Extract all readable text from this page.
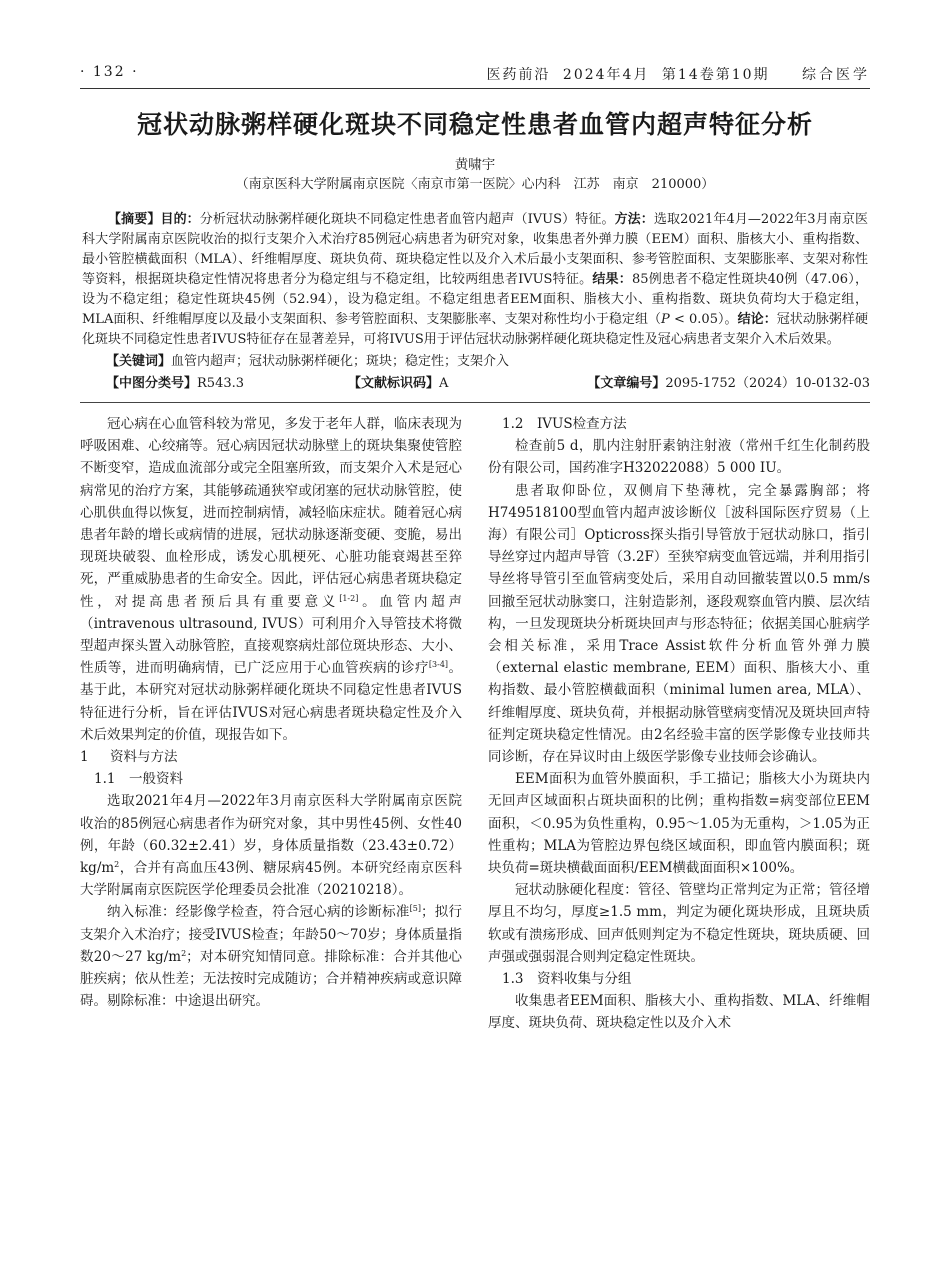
· 132 ·	医药前沿 2024年4月 第14卷第10期 综合医学
冠状动脉粥样硬化斑块不同稳定性患者血管内超声特征分析
黄啸宇
（南京医科大学附属南京医院〈南京市第一医院〉心内科　江苏　南京　210000）
【摘要】目的：分析冠状动脉粥样硬化斑块不同稳定性患者血管内超声（IVUS）特征。方法：选取2021年4月—2022年3月南京医科大学附属南京医院收治的拟行支架介入术治疗85例冠心病患者为研究对象，收集患者外弹力膜（EEM）面积、脂核大小、重构指数、最小管腔横截面积（MLA）、纤维帽厚度、斑块负荷、斑块稳定性以及介入术后最小支架面积、参考管腔面积、支架膨胀率、支架对称性等资料，根据斑块稳定性情况将患者分为稳定组与不稳定组，比较两组患者IVUS特征。结果：85例患者不稳定性斑块40例（47.06），设为不稳定组；稳定性斑块45例（52.94），设为稳定组。不稳定组患者EEM面积、脂核大小、重构指数、斑块负荷均大于稳定组，MLA面积、纤维帽厚度以及最小支架面积、参考管腔面积、支架膨胀率、支架对称性均小于稳定组（P < 0.05）。结论：冠状动脉粥样硬化斑块不同稳定性患者IVUS特征存在显著差异，可将IVUS用于评估冠状动脉粥样硬化斑块稳定性及冠心病患者支架介入术后效果。
【关键词】血管内超声；冠状动脉粥样硬化；斑块；稳定性；支架介入
【中图分类号】R543.3	【文献标识码】A	【文章编号】2095-1752（2024）10-0132-03

冠心病在心血管科较为常见，多发于老年人群，临床表现为呼吸困难、心绞痛等。冠心病因冠状动脉壁上的斑块集聚使管腔不断变窄，造成血流部分或完全阻塞所致，而支架介入术是冠心病常见的治疗方案，其能够疏通狭窄或闭塞的冠状动脉管腔，使心肌供血得以恢复，进而控制病情，减轻临床症状。随着冠心病患者年龄的增长或病情的进展，冠状动脉逐渐变硬、变脆，易出现斑块破裂、血栓形成，诱发心肌梗死、心脏功能衰竭甚至猝死，严重威胁患者的生命安全。因此，评估冠心病患者斑块稳定性，对提高患者预后具有重要意义[1-2]。血管内超声（intravenous ultrasound, IVUS）可利用介入导管技术将微型超声探头置入动脉管腔，直接观察病灶部位斑块形态、大小、性质等，进而明确病情，已广泛应用于心血管疾病的诊疗[3-4]。基于此，本研究对冠状动脉粥样硬化斑块不同稳定性患者IVUS特征进行分析，旨在评估IVUS对冠心病患者斑块稳定性及介入术后效果判定的价值，现报告如下。

1 资料与方法

1.1　一般资料

选取2021年4月—2022年3月南京医科大学附属南京医院收治的85例冠心病患者作为研究对象，其中男性45例、女性40例，年龄（60.32±2.41）岁，身体质量指数$(23.43\pm 0.72)kg/m^2$，合并有高血压43例、糖尿病45例。本研究经南京医科大学附属南京医院医学伦理委员会批准（20210218）。

纳入标准：经影像学检查，符合冠心病的诊断标准[5]；拟行支架介入术治疗；接受IVUS检查；年龄50～70岁；身体质量指数20～27 $kg/m^2$；对本研究知情同意。排除标准：合并其他心脏疾病；依从性差；无法按时完成随访；合并精神疾病或意识障碍。剔除标准：中途退出研究。

1.2　IVUS检查方法

检查前5 d，肌内注射肝素钠注射液（常州千红生化制药股份有限公司，国药准字H32022088）5 000 IU。

患者取仰卧位，双侧肩下垫薄枕，完全暴露胸部；将H749518100型血管内超声波诊断仪［波科国际医疗贸易（上海）有限公司］Opticross探头指引导管放于冠状动脉口，指引导丝穿过内超声导管（3.2F）至狭窄病变血管远端，并利用指引导丝将导管引至血管病变处后，采用自动回撤装置以0.5 mm/s回撤至冠状动脉窦口，注射造影剂，逐段观察血管内膜、层次结构，一旦发现斑块分析斑块回声与形态特征；依据美国心脏病学会相关标准，采用Trace Assist软件分析血管外弹力膜（external elastic membrane, EEM）面积、脂核大小、重构指数、最小管腔横截面积（minimal lumen area, MLA）、纤维帽厚度、斑块负荷，并根据动脉管壁病变情况及斑块回声特征判定斑块稳定性情况。由2名经验丰富的医学影像专业技师共同诊断，存在异议时由上级医学影像专业技师会诊确认。

EEM面积为血管外膜面积，手工描记；脂核大小为斑块内无回声区域面积占斑块面积的比例；重构指数=病变部位EEM面积，＜0.95为负性重构，0.95～1.05为无重构，＞1.05为正性重构；MLA为管腔边界包绕区域面积，即血管内膜面积；斑块负荷=斑块横截面面积/EEM横截面面积×100%。

冠状动脉硬化程度：管径、管壁均正常判定为正常；管径增厚且不均匀，厚度≥1.5 mm，判定为硬化斑块形成，且斑块质软或有溃疡形成、回声低则判定为不稳定性斑块，斑块质硬、回声强或强弱混合则判定稳定性斑块。

1.3　资料收集与分组

收集患者EEM面积、脂核大小、重构指数、MLA、纤维帽厚度、斑块负荷、斑块稳定性以及介入术
